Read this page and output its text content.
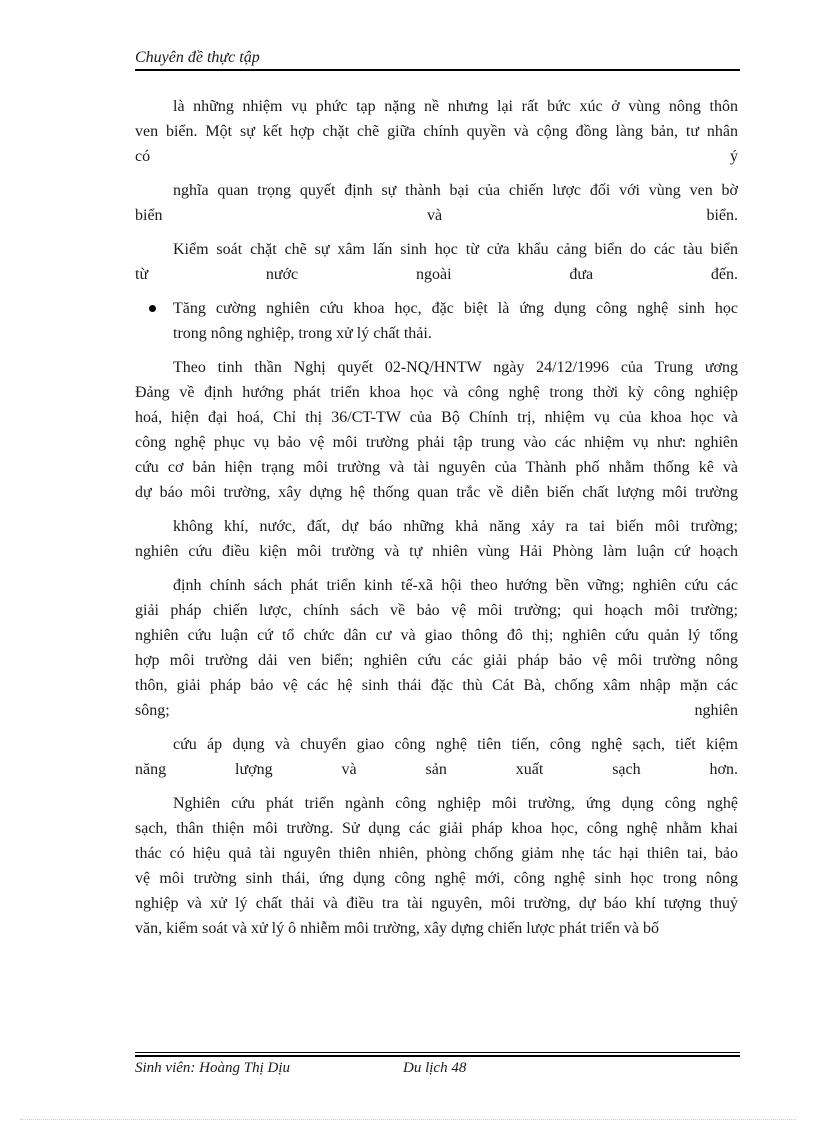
Chuyên đề thực tập
là những nhiệm vụ phức tạp nặng nề nhưng lại rất bức xúc ở vùng nông thôn
ven biển. Một sự kết hợp chặt chẽ giữa chính quyền và cộng đồng làng bản, tư nhân
có ý
nghĩa quan trọng quyết định sự thành bại của chiến lược đối với vùng ven bờ
biển và biển.
Kiểm soát chặt chẽ sự xâm lấn sinh học từ cửa khẩu cảng biển do các tàu biển
từ nước ngoài đưa đến.
Tăng cường nghiên cứu khoa học, đặc biệt là ứng dụng công nghệ sinh học
trong nông nghiệp, trong xử lý chất thải.
Theo tinh thần Nghị quyết 02-NQ/HNTW ngày 24/12/1996 của Trung ương
Đảng về định hướng phát triển khoa học và công nghệ trong thời kỳ công nghiệp
hoá, hiện đại hoá, Chỉ thị 36/CT-TW của Bộ Chính trị, nhiệm vụ của khoa học và
công nghệ phục vụ bảo vệ môi trường phải tập trung vào các nhiệm vụ như: nghiên
cứu cơ bản hiện trạng môi trường và tài nguyên của Thành phố nhằm thống kê và
dự báo môi trường, xây dựng hệ thống quan trắc về diễn biến chất lượng môi trường
không khí, nước, đất, dự báo những khả năng xảy ra tai biến môi trường;
nghiên cứu điều kiện môi trường và tự nhiên vùng Hải Phòng làm luận cứ hoạch
định chính sách phát triển kinh tế-xã hội theo hướng bền vững; nghiên cứu các
giải pháp chiến lược, chính sách về bảo vệ môi trường; qui hoạch môi trường;
nghiên cứu luận cứ tổ chức dân cư và giao thông đô thị; nghiên cứu quản lý tổng
hợp môi trường dải ven biển; nghiên cứu các giải pháp bảo vệ môi trường nông
thôn, giải pháp bảo vệ các hệ sinh thái đặc thù Cát Bà, chống xâm nhập mặn các
sông; nghiên
cứu áp dụng và chuyển giao công nghệ tiên tiến, công nghệ sạch, tiết kiệm
năng lượng và sản xuất sạch hơn.
Nghiên cứu phát triển ngành công nghiệp môi trường, ứng dụng công nghệ
sạch, thân thiện môi trường. Sử dụng các giải pháp khoa học, công nghệ nhằm khai
thác có hiệu quả tài nguyên thiên nhiên, phòng chống giảm nhẹ tác hại thiên tai, bảo
vệ môi trường sinh thái, ứng dụng công nghệ mới, công nghệ sinh học trong nông
nghiệp và xử lý chất thải và điều tra tài nguyên, môi trường, dự báo khí tượng thuỷ
văn, kiểm soát và xử lý ô nhiễm môi trường, xây dựng chiến lược phát triển và bố
Sinh viên: Hoàng Thị Dịu	Du lịch 48
